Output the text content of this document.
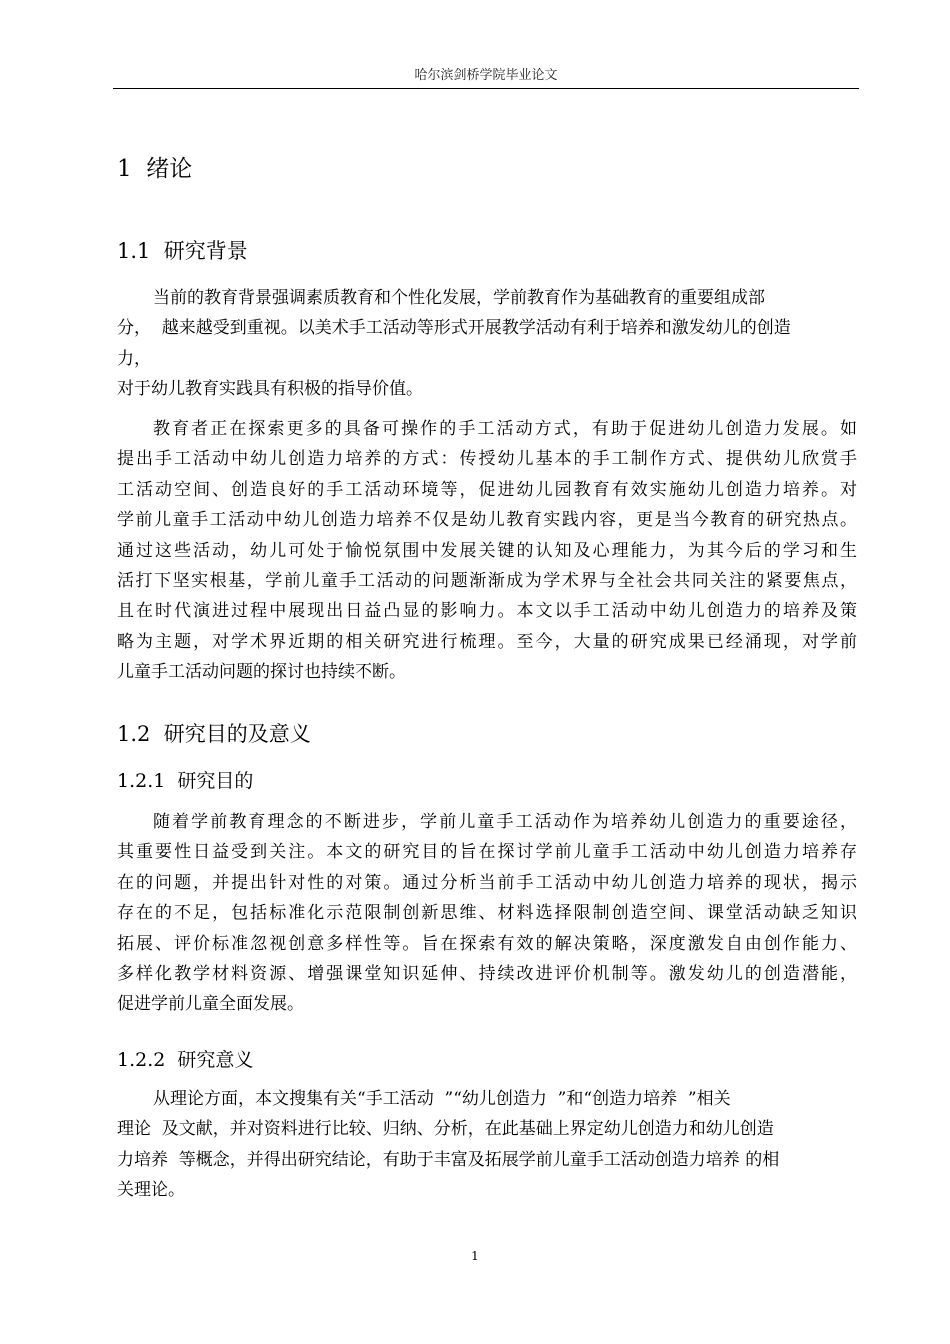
哈尔滨剑桥学院毕业论文
1  绪论
1.1  研究背景
当前的教育背景强调素质教育和个性化发展，学前教育作为基础教育的重要组成部
分，  越来越受到重视。以美术手工活动等形式开展教学活动有利于培养和激发幼儿的创造
力，
对于幼儿教育实践具有积极的指导价值。
教育者正在探索更多的具备可操作的手工活动方式，有助于促进幼儿创造力发展。如
提出手工活动中幼儿创造力培养的方式：传授幼儿基本的手工制作方式、提供幼儿欣赏手
工活动空间、创造良好的手工活动环境等，促进幼儿园教育有效实施幼儿创造力培养。对
学前儿童手工活动中幼儿创造力培养不仅是幼儿教育实践内容，更是当今教育的研究热点。
通过这些活动，幼儿可处于愉悦氛围中发展关键的认知及心理能力，为其今后的学习和生
活打下坚实根基，学前儿童手工活动的问题渐渐成为学术界与全社会共同关注的紧要焦点，
且在时代演进过程中展现出日益凸显的影响力。本文以手工活动中幼儿创造力的培养及策
略为主题，对学术界近期的相关研究进行梳理。至今，大量的研究成果已经涌现，对学前
儿童手工活动问题的探讨也持续不断。
1.2  研究目的及意义
1.2.1  研究目的
随着学前教育理念的不断进步，学前儿童手工活动作为培养幼儿创造力的重要途径，
其重要性日益受到关注。本文的研究目的旨在探讨学前儿童手工活动中幼儿创造力培养存
在的问题，并提出针对性的对策。通过分析当前手工活动中幼儿创造力培养的现状，揭示
存在的不足，包括标准化示范限制创新思维、材料选择限制创造空间、课堂活动缺乏知识
拓展、评价标准忽视创意多样性等。旨在探索有效的解决策略，深度激发自由创作能力、
多样化教学材料资源、增强课堂知识延伸、持续改进评价机制等。激发幼儿的创造潜能，
促进学前儿童全面发展。
1.2.2  研究意义
从理论方面，本文搜集有关“手工活动  ”“幼儿创造力  ”和“创造力培养  ”相关
理论  及文献，并对资料进行比较、归纳、分析，在此基础上界定幼儿创造力和幼儿创造
力培养  等概念，并得出研究结论，有助于丰富及拓展学前儿童手工活动创造力培养 的相
关理论。
1
